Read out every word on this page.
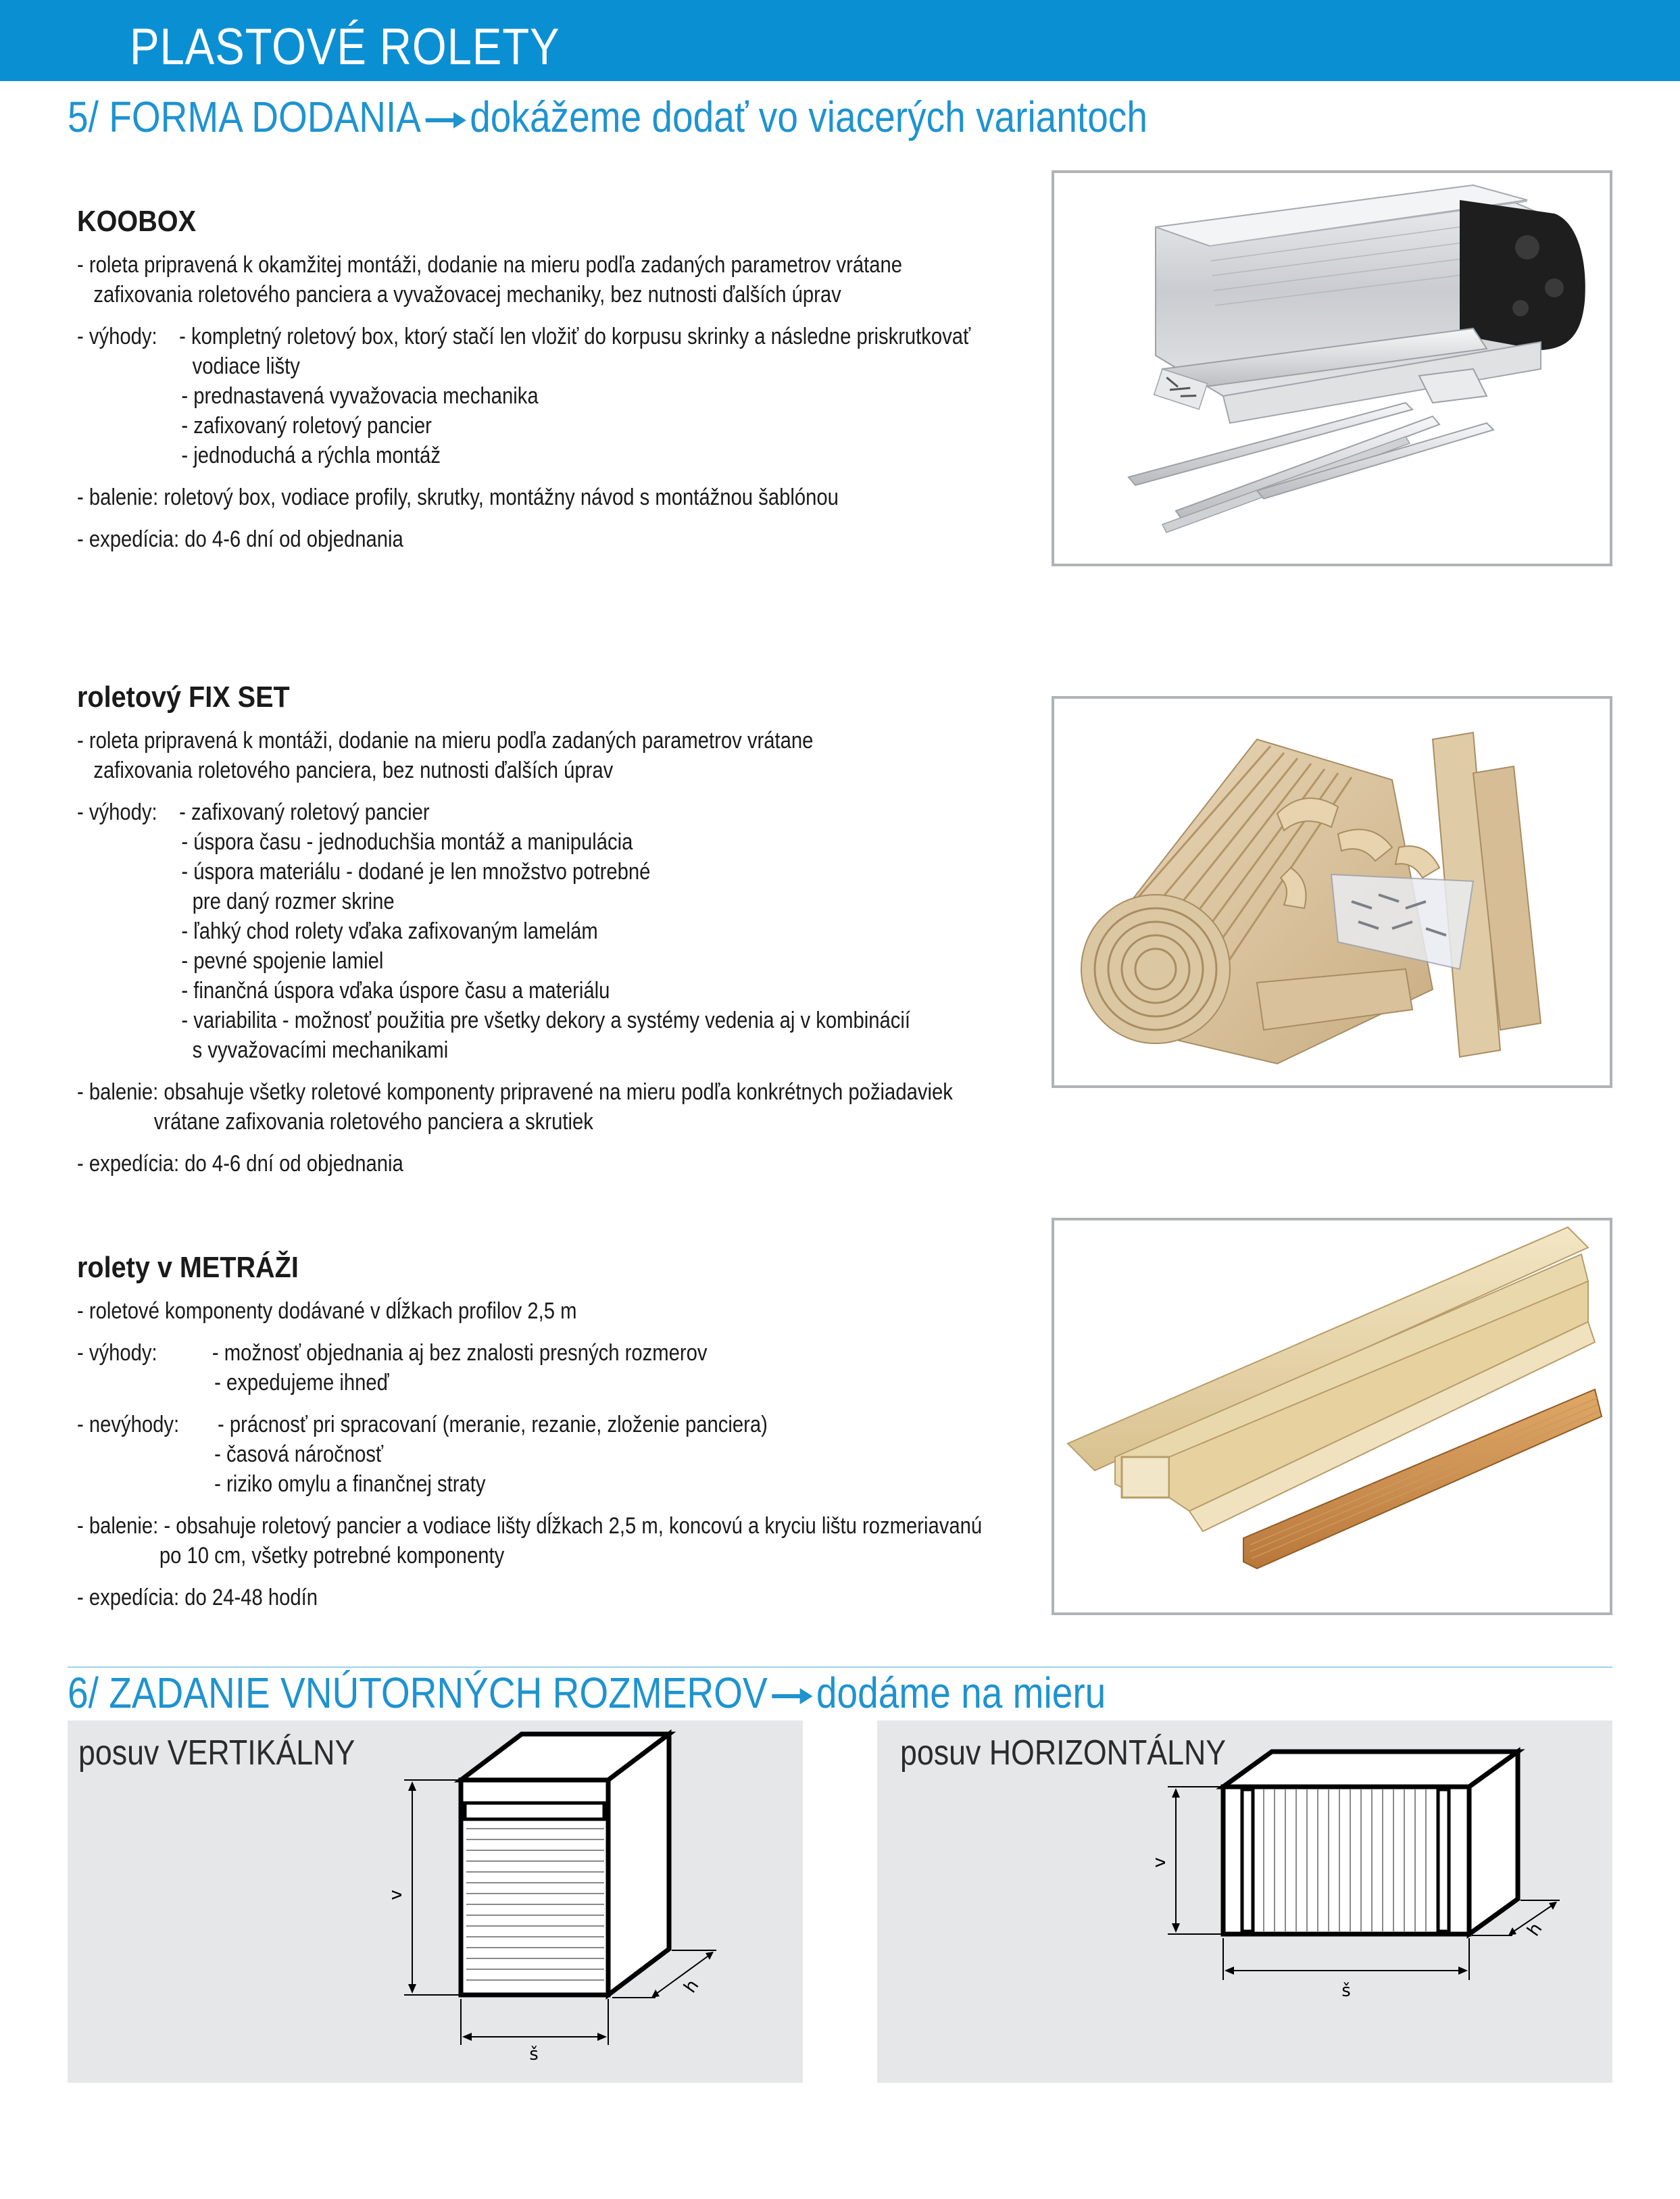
PLASTOVÉ ROLETY
5/ FORMA DODANIA dokážeme dodať vo viacerých variantoch
KOOBOX
- roleta pripravená k okamžitej montáži, dodanie na mieru podľa zadaných parametrov vrátane
zafixovania roletového panciera a vyvažovacej mechaniky, bez nutnosti ďalších úprav
- výhody:    - kompletný roletový box, ktorý stačí len vložiť do korpusu skrinky a následne priskrutkovať
vodiace lišty
- prednastavená vyvažovacia mechanika
- zafixovaný roletový pancier
- jednoduchá a rýchla montáž
- balenie: roletový box, vodiace profily, skrutky, montážny návod s montážnou šablónou
- expedícia: do 4-6 dní od objednania
roletový FIX SET
- roleta pripravená k montáži, dodanie na mieru podľa zadaných parametrov vrátane
zafixovania roletového panciera, bez nutnosti ďalších úprav
- výhody:    - zafixovaný roletový pancier
- úspora času - jednoduchšia montáž a manipulácia
- úspora materiálu - dodané je len množstvo potrebné
pre daný rozmer skrine
- ľahký chod rolety vďaka zafixovaným lamelám
- pevné spojenie lamiel
- finančná úspora vďaka úspore času a materiálu
- variabilita - možnosť použitia pre všetky dekory a systémy vedenia aj v kombinácií
s vyvažovacími mechanikami
- balenie: obsahuje všetky roletové komponenty pripravené na mieru podľa konkrétnych požiadaviek
vrátane zafixovania roletového panciera a skrutiek
- expedícia: do 4-6 dní od objednania
rolety v METRÁŽI
- roletové komponenty dodávané v dĺžkach profilov 2,5 m
- výhody:          - možnosť objednania aj bez znalosti presných rozmerov
- expedujeme ihneď
- nevýhody:       - prácnosť pri spracovaní (meranie, rezanie, zloženie panciera)
- časová náročnosť
- riziko omylu a finančnej straty
- balenie: - obsahuje roletový pancier a vodiace lišty dĺžkach 2,5 m, koncovú a kryciu lištu rozmeriavanú
po 10 cm, všetky potrebné komponenty
- expedícia: do 24-48 hodín
6/ ZADANIE VNÚTORNÝCH ROZMEROV dodáme na mieru
posuv VERTIKÁLNY
v
š
h
posuv HORIZONTÁLNY
v
š
h
